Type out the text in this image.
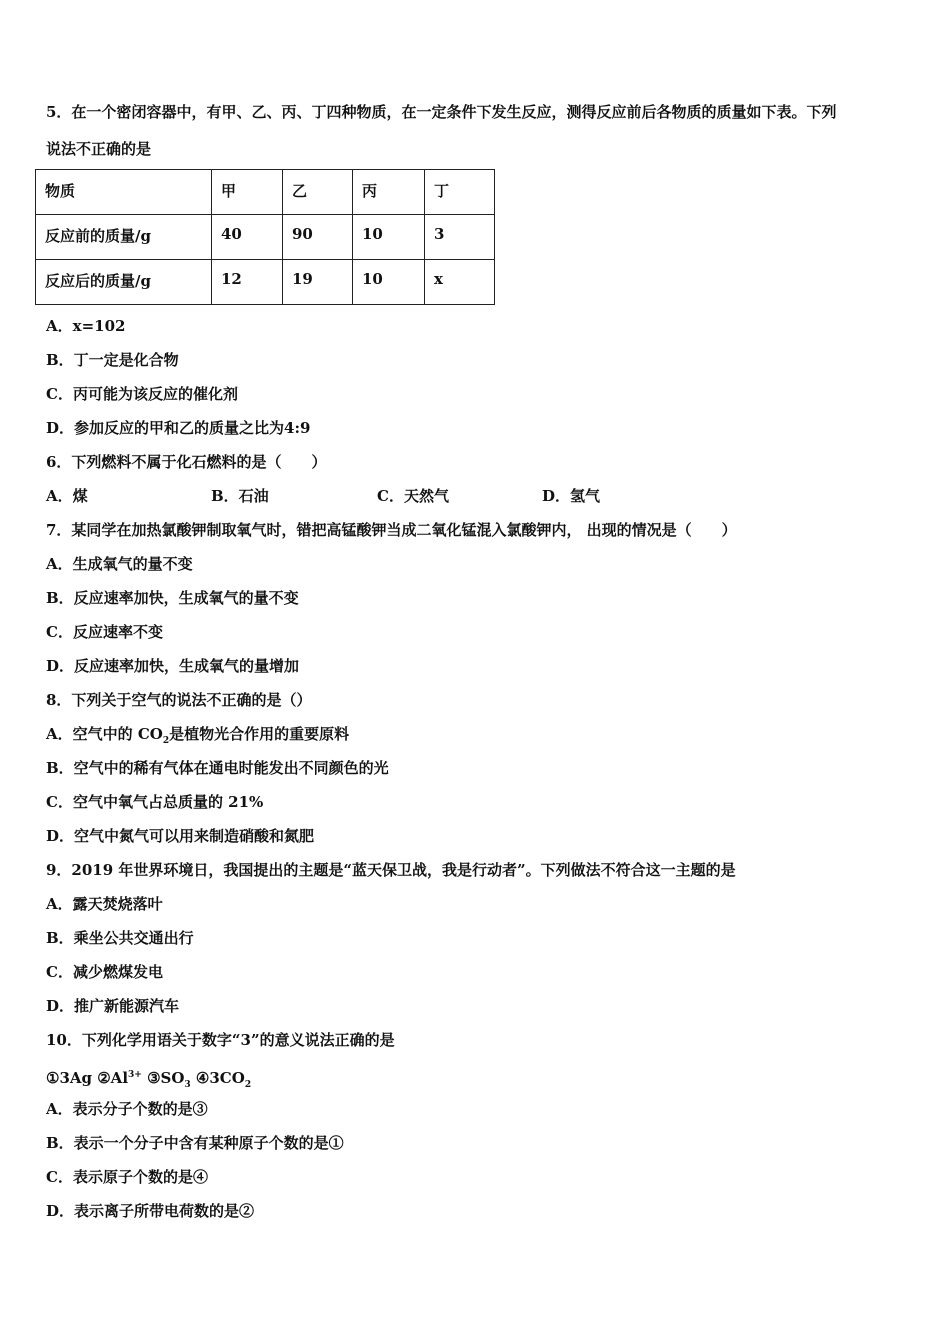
5．在一个密闭容器中，有甲、乙、丙、丁四种物质，在一定条件下发生反应，测得反应前后各物质的质量如下表。下列
说法不正确的是
物质	甲	乙	丙	丁
反应前的质量/g	40	90	10	3
反应后的质量/g	12	19	10	x
A．x=102
B．丁一定是化合物
C．丙可能为该反应的催化剂
D．参加反应的甲和乙的质量之比为4:9
6．下列燃料不属于化石燃料的是（　　）
A．煤	B．石油	C．天然气	D．氢气
7．某同学在加热氯酸钾制取氧气时，错把高锰酸钾当成二氧化锰混入氯酸钾内， 出现的情况是（　　）
A．生成氧气的量不变
B．反应速率加快，生成氧气的量不变
C．反应速率不变
D．反应速率加快，生成氧气的量增加
8．下列关于空气的说法不正确的是（）
A．空气中的 $CO_2$是植物光合作用的重要原料
B．空气中的稀有气体在通电时能发出不同颜色的光
C．空气中氧气占总质量的 21%
D．空气中氮气可以用来制造硝酸和氮肥
9．2019 年世界环境日，我国提出的主题是“蓝天保卫战，我是行动者”。下列做法不符合这一主题的是
A．露天焚烧落叶
B．乘坐公共交通出行
C．减少燃煤发电
D．推广新能源汽车
10．下列化学用语关于数字“3”的意义说法正确的是
①3Ag $②Al^{3+}$ $③SO_3$ $④3CO_2$
A．表示分子个数的是③
B．表示一个分子中含有某种原子个数的是①
C．表示原子个数的是④
D．表示离子所带电荷数的是②
